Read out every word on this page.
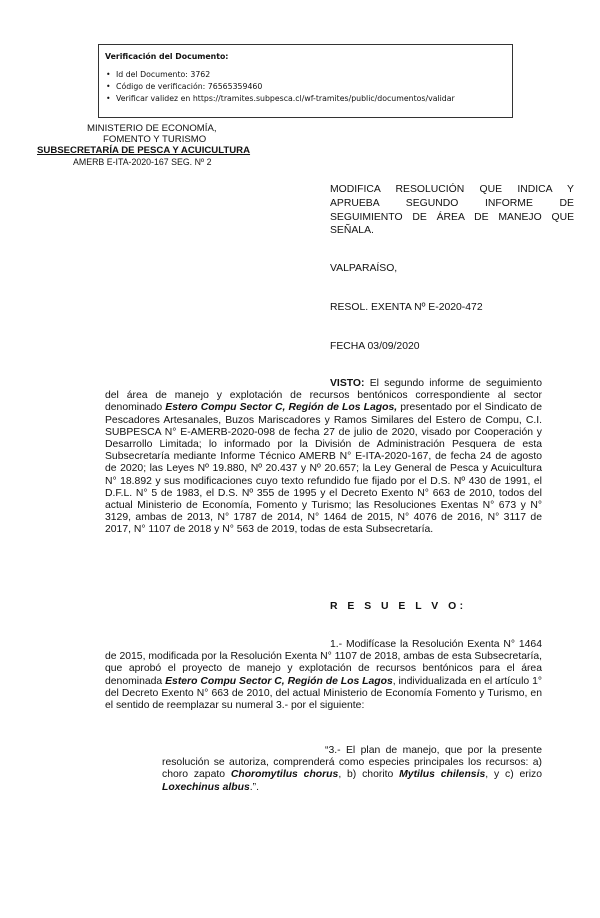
Verificación del Documento:
• Id del Documento: 3762
• Código de verificación: 76565359460
• Verificar validez en https://tramites.subpesca.cl/wf-tramites/public/documentos/validar
MINISTERIO DE ECONOMÍA,
FOMENTO Y TURISMO
SUBSECRETARÍA DE PESCA Y ACUICULTURA
AMERB E-ITA-2020-167 SEG. Nº 2
MODIFICA RESOLUCIÓN QUE INDICA Y APRUEBA SEGUNDO INFORME DE SEGUIMIENTO DE ÁREA DE MANEJO QUE SEÑALA.
VALPARAÍSO,
RESOL. EXENTA Nº E-2020-472
FECHA 03/09/2020
VISTO: El segundo informe de seguimiento del área de manejo y explotación de recursos bentónicos correspondiente al sector denominado Estero Compu Sector C, Región de Los Lagos, presentado por el Sindicato de Pescadores Artesanales, Buzos Mariscadores y Ramos Similares del Estero de Compu, C.I. SUBPESCA N° E-AMERB-2020-098 de fecha 27 de julio de 2020, visado por Cooperación y Desarrollo Limitada; lo informado por la División de Administración Pesquera de esta Subsecretaría mediante Informe Técnico AMERB N° E-ITA-2020-167, de fecha 24 de agosto de 2020; las Leyes Nº 19.880, Nº 20.437 y Nº 20.657; la Ley General de Pesca y Acuicultura N° 18.892 y sus modificaciones cuyo texto refundido fue fijado por el D.S. Nº 430 de 1991, el D.F.L. N° 5 de 1983, el D.S. Nº 355 de 1995 y el Decreto Exento N° 663 de 2010, todos del actual Ministerio de Economía, Fomento y Turismo; las Resoluciones Exentas N° 673 y N° 3129, ambas de 2013, N° 1787 de 2014, N° 1464 de 2015, N° 4076 de 2016, N° 3117 de 2017, N° 1107 de 2018 y N° 563 de 2019, todas de esta Subsecretaría.
R E S U E L V O:
1.- Modifícase la Resolución Exenta N° 1464 de 2015, modificada por la Resolución Exenta N° 1107 de 2018, ambas de esta Subsecretaría, que aprobó el proyecto de manejo y explotación de recursos bentónicos para el área denominada Estero Compu Sector C, Región de Los Lagos, individualizada en el artículo 1° del Decreto Exento N° 663 de 2010, del actual Ministerio de Economía Fomento y Turismo, en el sentido de reemplazar su numeral 3.- por el siguiente:
“3.- El plan de manejo, que por la presente resolución se autoriza, comprenderá como especies principales los recursos: a) choro zapato Choromytilus chorus, b) chorito Mytilus chilensis, y c) erizo Loxechinus albus.”.
